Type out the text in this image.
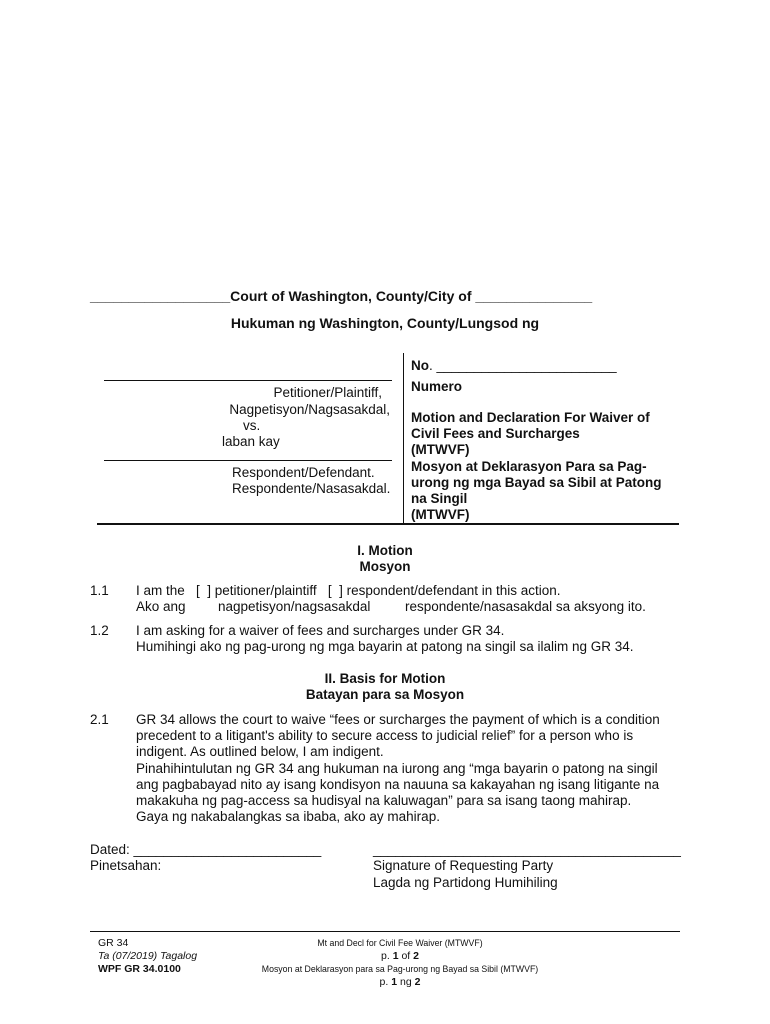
__________________Court of Washington, County/City of _______________
Hukuman ng Washington, County/Lungsod ng
Petitioner/Plaintiff,
Nagpetisyon/Nagsasakdal,
vs.
laban kay
Respondent/Defendant.
Respondente/Nasasakdal.
No. ________________________
Numero
Motion and Declaration For Waiver of
Civil Fees and Surcharges
(MTWVF)
Mosyon at Deklarasyon Para sa Pag-
urong ng mga Bayad sa Sibil at Patong
na Singil
(MTWVF)
I. Motion
Mosyon
1.1 I am the   [  ] petitioner/plaintiff   [  ] respondent/defendant in this action.
Ako ang nagpetisyon/nagsasakdal	respondente/nasasakdal sa aksyong ito.
1.2 I am asking for a waiver of fees and surcharges under GR 34.
Humihingi ako ng pag-urong ng mga bayarin at patong na singil sa ilalim ng GR 34.
II. Basis for Motion
Batayan para sa Mosyon
2.1 GR 34 allows the court to waive “fees or surcharges the payment of which is a condition
precedent to a litigant's ability to secure access to judicial relief” for a person who is
indigent. As outlined below, I am indigent.
Pinahihintulutan ng GR 34 ang hukuman na iurong ang “mga bayarin o patong na singil
ang pagbabayad nito ay isang kondisyon na nauuna sa kakayahan ng isang litigante na
makakuha ng pag-access sa hudisyal na kaluwagan” para sa isang taong mahirap.
Gaya ng nakabalangkas sa ibaba, ako ay mahirap.
Dated: _________________________
Pinetsahan:
_________________________________________
Signature of Requesting Party
Lagda ng Partidong Humihiling
GR 34
Ta (07/2019) Tagalog
WPF GR 34.0100
Mt and Decl for Civil Fee Waiver (MTWVF)
p. 1 of 2
Mosyon at Deklarasyon para sa Pag-urong ng Bayad sa Sibil (MTWVF)
p. 1 ng 2
